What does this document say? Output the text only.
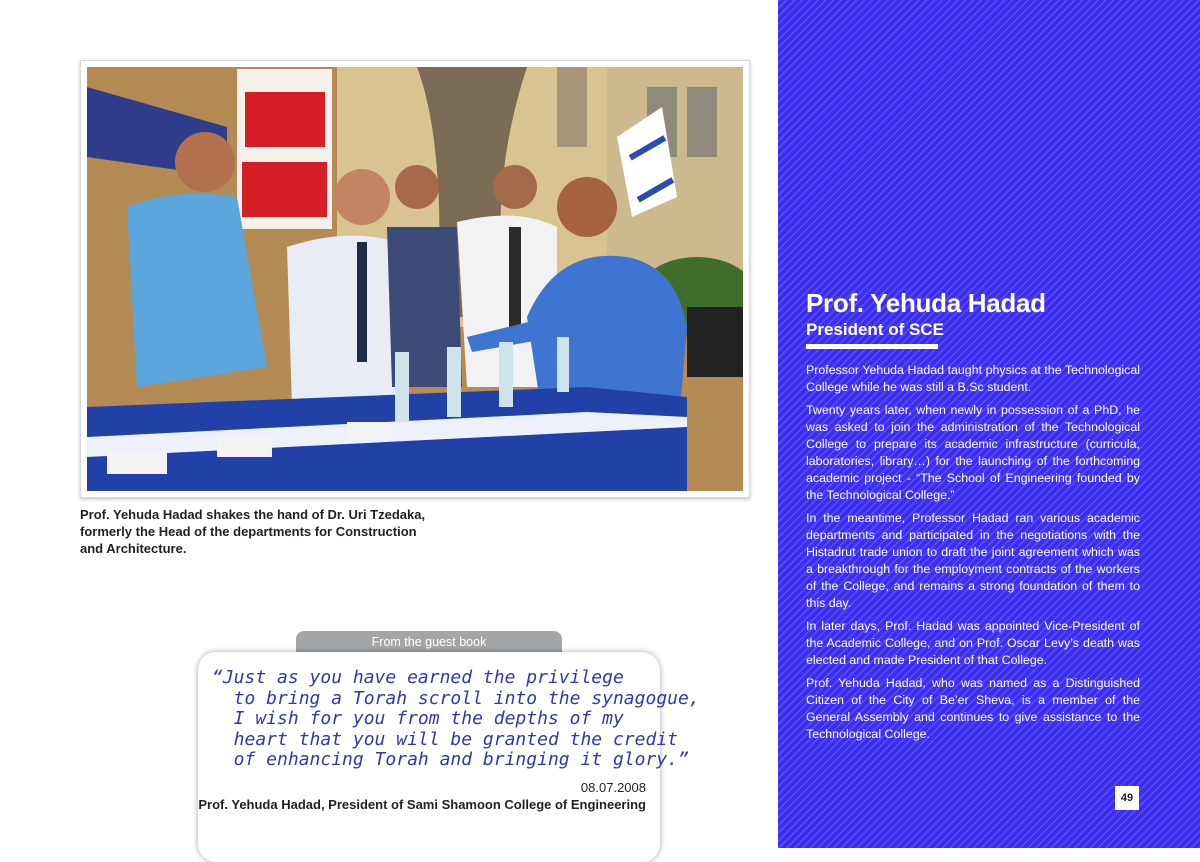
Prof. Yehuda Hadad shakes the hand of Dr. Uri Tzedaka, formerly the Head of the departments for Construction and Architecture.
From the guest book
“Just as you have earned the privilege
to bring a Torah scroll into the synagogue,
I wish for you from the depths of my
heart that you will be granted the credit
of enhancing Torah and bringing it glory.”
08.07.2008
Prof. Yehuda Hadad, President of Sami Shamoon College of Engineering
Prof. Yehuda Hadad
President of SCE

Professor Yehuda Hadad taught physics at the Technological College while he was still a B.Sc student.

Twenty years later, when newly in possession of a PhD, he was asked to join the administration of the Technological College to prepare its academic infrastructure (curricula, laboratories, library…) for the launching of the forthcoming academic project - “The School of Engineering founded by the Technological College.”

In the meantime, Professor Hadad ran various academic departments and participated in the negotiations with the Histadrut trade union to draft the joint agreement which was a breakthrough for the employment contracts of the workers of the College, and remains a strong foundation of them to this day.

In later days, Prof. Hadad was appointed Vice-President of the Academic College, and on Prof. Oscar Levy’s death was elected and made President of that College.

Prof. Yehuda Hadad, who was named as a Distinguished Citizen of the City of Be’er Sheva, is a member of the General Assembly and continues to give assistance to the Technological College.

49
